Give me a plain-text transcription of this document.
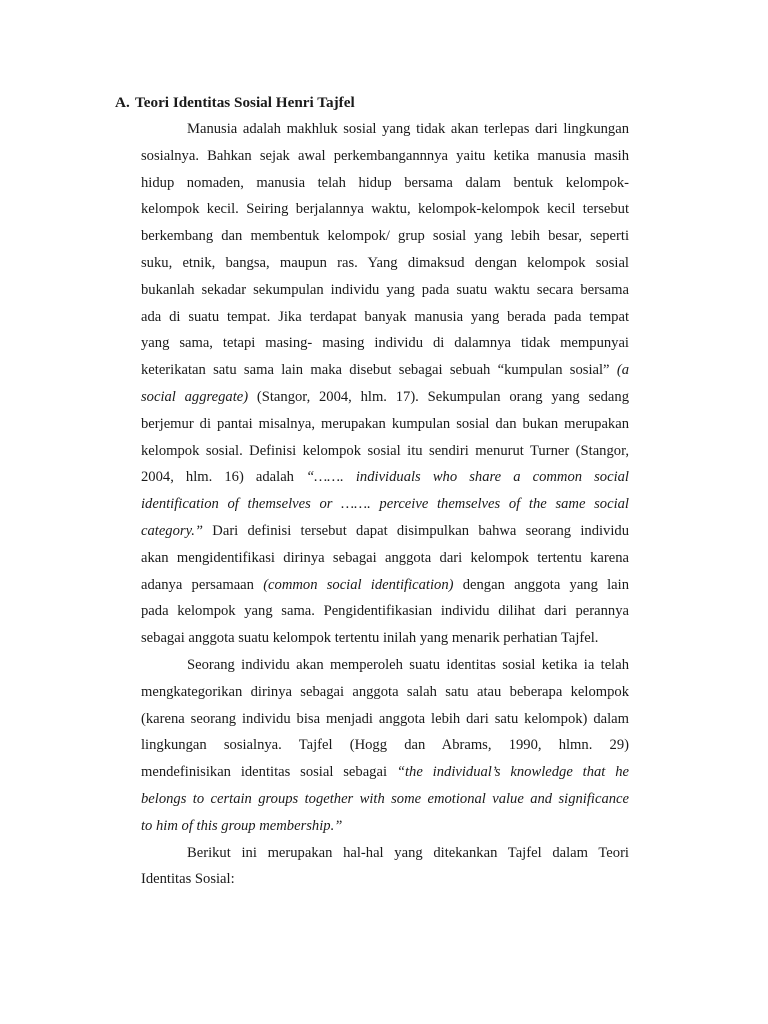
A. Teori Identitas Sosial Henri Tajfel
Manusia adalah makhluk sosial yang tidak akan terlepas dari lingkungan
sosialnya. Bahkan sejak awal perkembangannnya yaitu ketika manusia masih
hidup nomaden, manusia telah hidup bersama dalam bentuk kelompok-
kelompok kecil. Seiring berjalannya waktu, kelompok-kelompok kecil tersebut
berkembang dan membentuk kelompok/ grup sosial yang lebih besar, seperti
suku, etnik, bangsa, maupun ras. Yang dimaksud dengan kelompok sosial
bukanlah sekadar sekumpulan individu yang pada suatu waktu secara bersama
ada di suatu tempat. Jika terdapat banyak manusia yang berada pada tempat
yang sama, tetapi masing- masing individu di dalamnya tidak mempunyai
keterikatan satu sama lain maka disebut sebagai sebuah “kumpulan sosial” (a
social aggregate) (Stangor, 2004, hlm. 17). Sekumpulan orang yang sedang
berjemur di pantai misalnya, merupakan kumpulan sosial dan bukan merupakan
kelompok sosial. Definisi kelompok sosial itu sendiri menurut Turner (Stangor,
2004, hlm. 16) adalah “……. individuals who share a common social
identification of themselves or ……. perceive themselves of the same social
category.” Dari definisi tersebut dapat disimpulkan bahwa seorang individu
akan mengidentifikasi dirinya sebagai anggota dari kelompok tertentu karena
adanya persamaan (common social identification) dengan anggota yang lain
pada kelompok yang sama. Pengidentifikasian individu dilihat dari perannya
sebagai anggota suatu kelompok tertentu inilah yang menarik perhatian Tajfel.
Seorang individu akan memperoleh suatu identitas sosial ketika ia telah
mengkategorikan dirinya sebagai anggota salah satu atau beberapa kelompok
(karena seorang individu bisa menjadi anggota lebih dari satu kelompok) dalam
lingkungan sosialnya. Tajfel (Hogg dan Abrams, 1990, hlmn. 29)
mendefinisikan identitas sosial sebagai “the individual’s knowledge that he
belongs to certain groups together with some emotional value and significance
to him of this group membership.”
Berikut ini merupakan hal-hal yang ditekankan Tajfel dalam Teori
Identitas Sosial:
